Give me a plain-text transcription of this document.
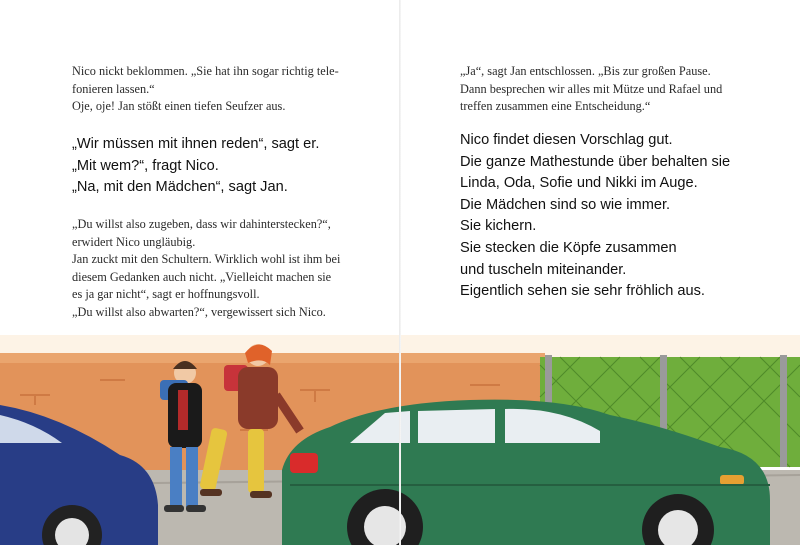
Nico nickt beklommen. „Sie hat ihn sogar richtig tele-

fonieren lassen.“

Oje, oje! Jan stößt einen tiefen Seufzer aus.

„Wir müssen mit ihnen reden“, sagt er.

„Mit wem?“, fragt Nico.

„Na, mit den Mädchen“, sagt Jan.

„Du willst also zugeben, dass wir dahinterstecken?“,

erwidert Nico ungläubig.

Jan zuckt mit den Schultern. Wirklich wohl ist ihm bei

diesem Gedanken auch nicht. „Vielleicht machen sie

es ja gar nicht“, sagt er hoffnungsvoll.

„Du willst also abwarten?“, vergewissert sich Nico.

„Ja“, sagt Jan entschlossen. „Bis zur großen Pause.

Dann besprechen wir alles mit Mütze und Rafael und

treffen zusammen eine Entscheidung.“

Nico findet diesen Vorschlag gut.

Die ganze Mathestunde über behalten sie

Linda, Oda, Sofie und Nikki im Auge.

Die Mädchen sind so wie immer.

Sie kichern.

Sie stecken die Köpfe zusammen

und tuscheln miteinander.

Eigentlich sehen sie sehr fröhlich aus.
